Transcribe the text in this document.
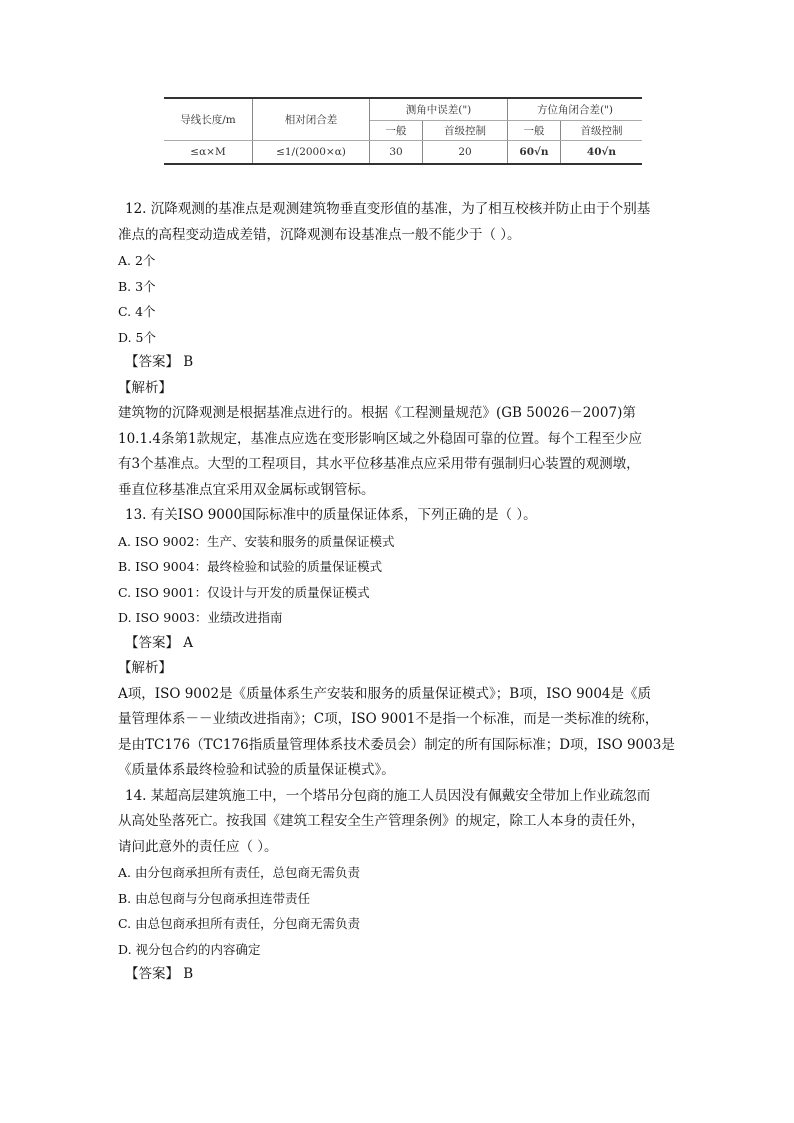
导线长度/m	相对闭合差	测角中误差(")		方位角闭合差(")	
		一般	首级控制	一般	首级控制
≤α×M	≤1/(2000×α)	30	20	60√n	40√n
12. 沉降观测的基准点是观测建筑物垂直变形值的基准，为了相互校核并防止由于个别基
准点的高程变动造成差错，沉降观测布设基准点一般不能少于（ ）。
A. 2个
B. 3个
C. 4个
D. 5个
【答案】 B
【解析】
建筑物的沉降观测是根据基准点进行的。根据《工程测量规范》(GB 50026－2007)第
10.1.4条第1款规定，基准点应选在变形影响区域之外稳固可靠的位置。每个工程至少应
有3个基准点。大型的工程项目，其水平位移基准点应采用带有强制归心装置的观测墩，
垂直位移基准点宜采用双金属标或钢管标。
13. 有关ISO 9000国际标准中的质量保证体系，下列正确的是（ ）。
A. ISO 9002：生产、安装和服务的质量保证模式
B. ISO 9004：最终检验和试验的质量保证模式
C. ISO 9001：仅设计与开发的质量保证模式
D. ISO 9003：业绩改进指南
【答案】 A
【解析】
A项，ISO 9002是《质量体系生产安装和服务的质量保证模式》；B项，ISO 9004是《质
量管理体系－－业绩改进指南》；C项，ISO 9001不是指一个标准，而是一类标准的统称，
是由TC176（TC176指质量管理体系技术委员会）制定的所有国际标准；D项，ISO 9003是
《质量体系最终检验和试验的质量保证模式》。
14. 某超高层建筑施工中，一个塔吊分包商的施工人员因没有佩戴安全带加上作业疏忽而
从高处坠落死亡。按我国《建筑工程安全生产管理条例》的规定，除工人本身的责任外，
请问此意外的责任应（ ）。
A. 由分包商承担所有责任，总包商无需负责
B. 由总包商与分包商承担连带责任
C. 由总包商承担所有责任，分包商无需负责
D. 视分包合约的内容确定
【答案】 B
